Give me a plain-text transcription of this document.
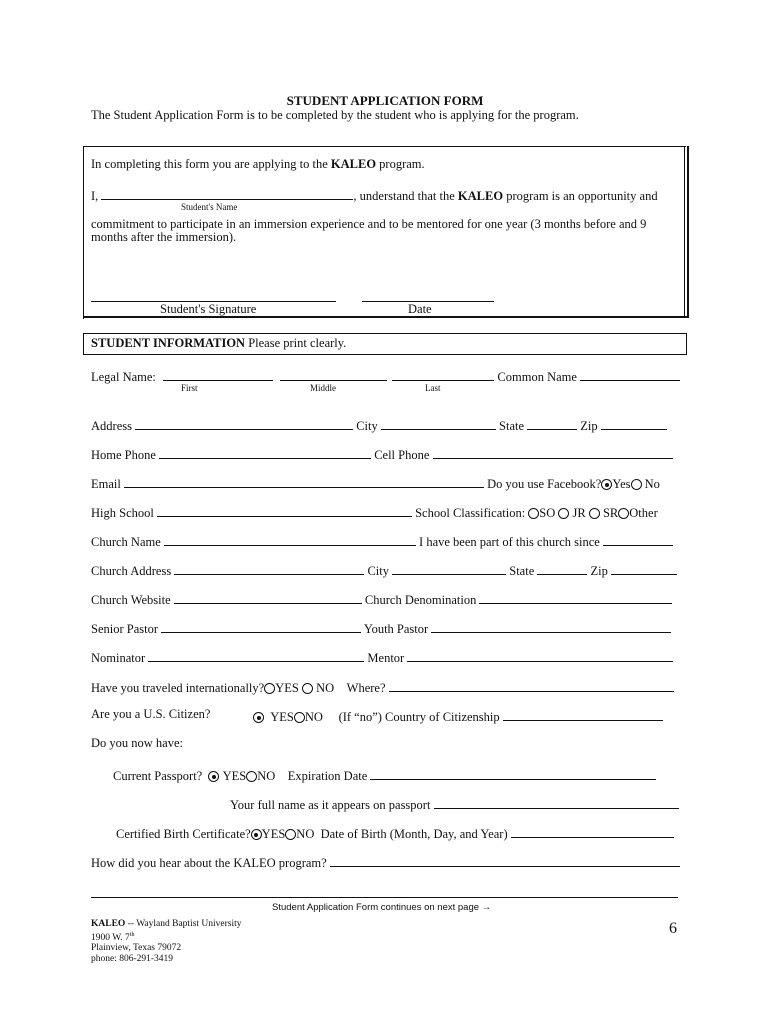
STUDENT APPLICATION FORM
The Student Application Form is to be completed by the student who is applying for the program.
In completing this form you are applying to the KALEO program.
I,	, understand that the KALEO program is an opportunity and
Student's Name
commitment to participate in an immersion experience and to be mentored for one year (3 months before and 9
months after the immersion).
Student's Signature	Date
STUDENT INFORMATION Please print clearly.
Legal Name:	Common Name
First	Middle	Last
Address	City	State	Zip
Home Phone	Cell Phone
Email	Do you use Facebook? Yes No
High School	School Classification: SO JR SR Other
Church Name	I have been part of this church since
Church Address	City	State	Zip
Church Website	Church Denomination
Senior Pastor	Youth Pastor
Nominator	Mentor
Have you traveled internationally? YES NO Where?
Are you a U.S. Citizen?	YES NO (If “no”) Country of Citizenship
Do you now have:
Current Passport? YES NO Expiration Date
Your full name as it appears on passport
Certified Birth Certificate? YES NO Date of Birth (Month, Day, and Year)
How did you hear about the KALEO program?
Student Application Form continues on next page →
KALEO -- Wayland Baptist University
1900 W. 7th
Plainview, Texas 79072
phone: 806-291-3419
6
